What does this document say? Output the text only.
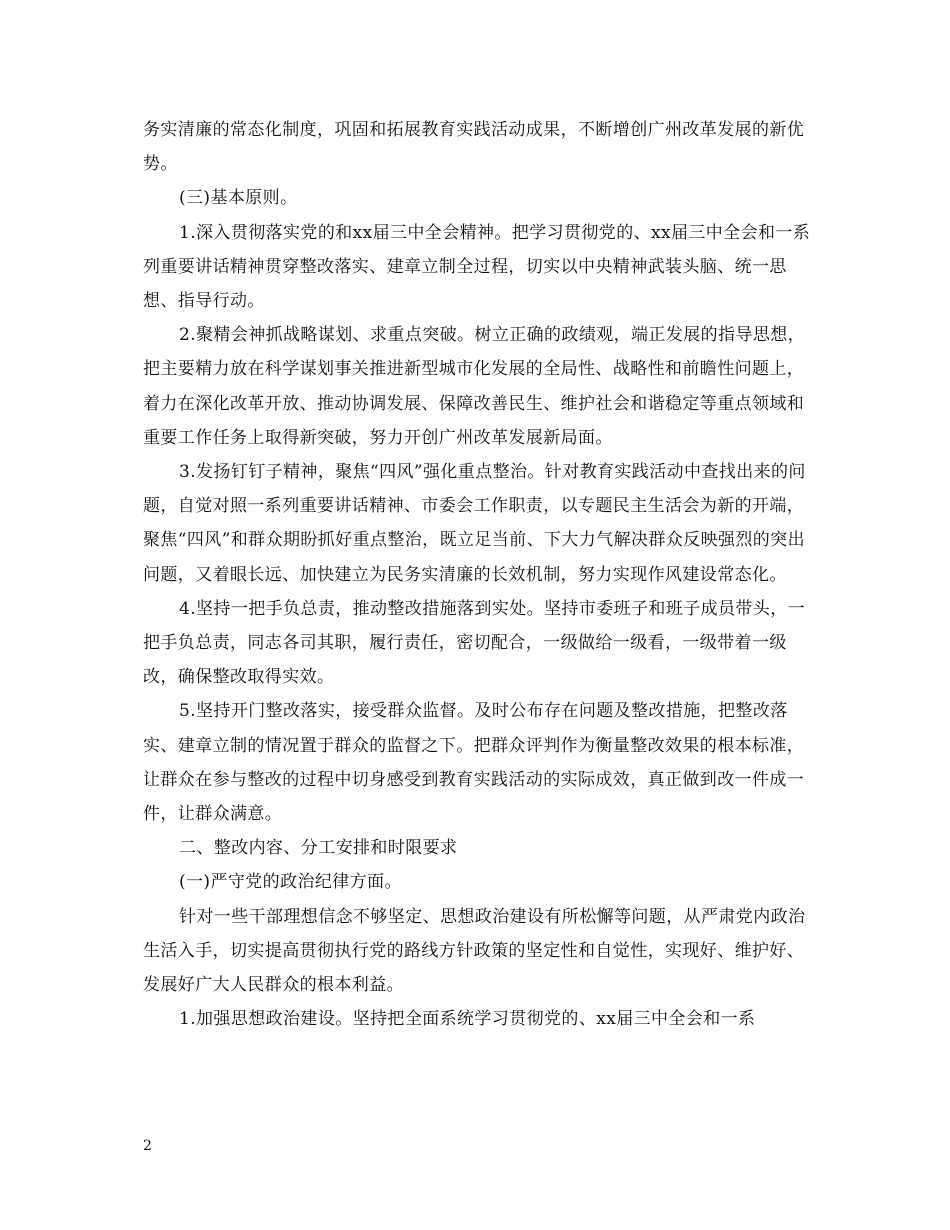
务实清廉的常态化制度，巩固和拓展教育实践活动成果，不断增创广州改革发展的新优势。

(三)基本原则。

1.深入贯彻落实党的和xx届三中全会精神。把学习贯彻党的、xx届三中全会和一系列重要讲话精神贯穿整改落实、建章立制全过程，切实以中央精神武装头脑、统一思想、指导行动。

2.聚精会神抓战略谋划、求重点突破。树立正确的政绩观，端正发展的指导思想，把主要精力放在科学谋划事关推进新型城市化发展的全局性、战略性和前瞻性问题上，着力在深化改革开放、推动协调发展、保障改善民生、维护社会和谐稳定等重点领域和重要工作任务上取得新突破，努力开创广州改革发展新局面。

3.发扬钉钉子精神，聚焦“四风”强化重点整治。针对教育实践活动中查找出来的问题，自觉对照一系列重要讲话精神、市委会工作职责，以专题民主生活会为新的开端，聚焦“四风”和群众期盼抓好重点整治，既立足当前、下大力气解决群众反映强烈的突出问题，又着眼长远、加快建立为民务实清廉的长效机制，努力实现作风建设常态化。

4.坚持一把手负总责，推动整改措施落到实处。坚持市委班子和班子成员带头，一把手负总责，同志各司其职，履行责任，密切配合，一级做给一级看，一级带着一级改，确保整改取得实效。

5.坚持开门整改落实，接受群众监督。及时公布存在问题及整改措施，把整改落实、建章立制的情况置于群众的监督之下。把群众评判作为衡量整改效果的根本标准，让群众在参与整改的过程中切身感受到教育实践活动的实际成效，真正做到改一件成一件，让群众满意。

二、整改内容、分工安排和时限要求

(一)严守党的政治纪律方面。

针对一些干部理想信念不够坚定、思想政治建设有所松懈等问题，从严肃党内政治生活入手，切实提高贯彻执行党的路线方针政策的坚定性和自觉性，实现好、维护好、发展好广大人民群众的根本利益。

1.加强思想政治建设。坚持把全面系统学习贯彻党的、xx届三中全会和一系

2
